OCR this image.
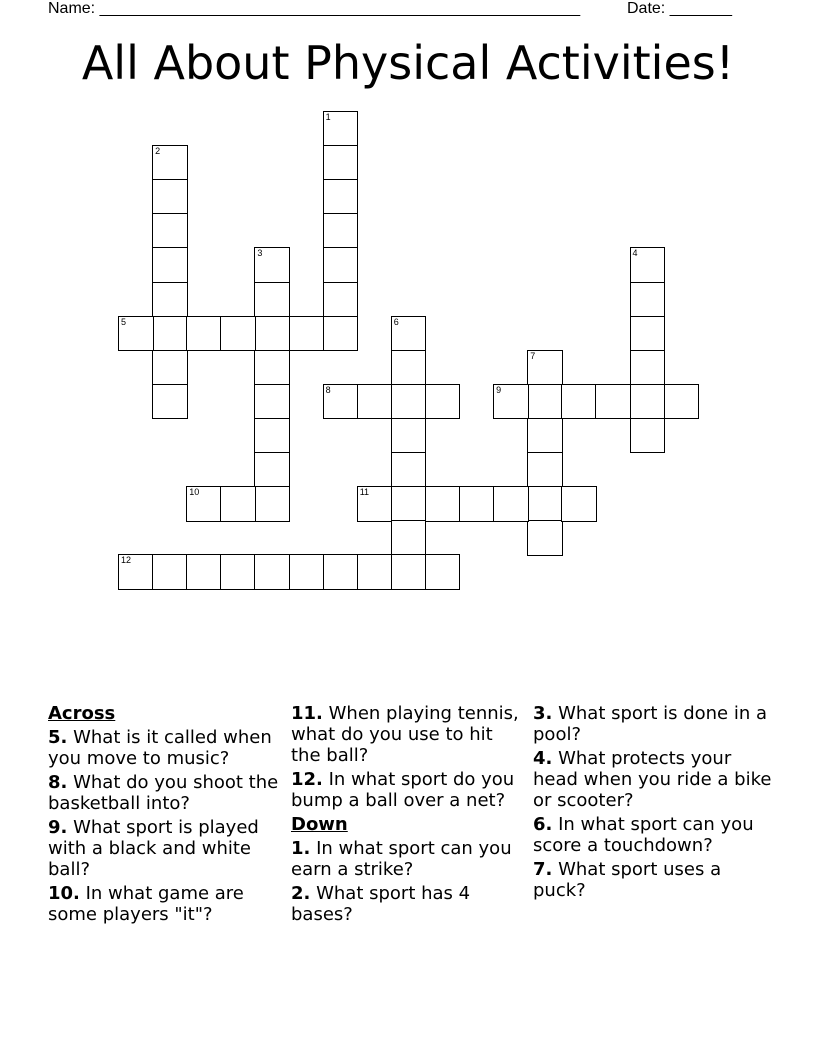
Name: ______________________________________________________	Date: _______
All About Physical Activities!
1
2
3	4
5	6
7
8	9
10	11
12
Across
5. What is it called when you move to music?
8. What do you shoot the basketball into?
9. What sport is played with a black and white ball?
10. In what game are some players "it"?
11. When playing tennis, what do you use to hit the ball?
12. In what sport do you bump a ball over a net?
Down
1. In what sport can you earn a strike?
2. What sport has 4 bases?
3. What sport is done in a pool?
4. What protects your head when you ride a bike or scooter?
6. In what sport can you score a touchdown?
7. What sport uses a puck?
